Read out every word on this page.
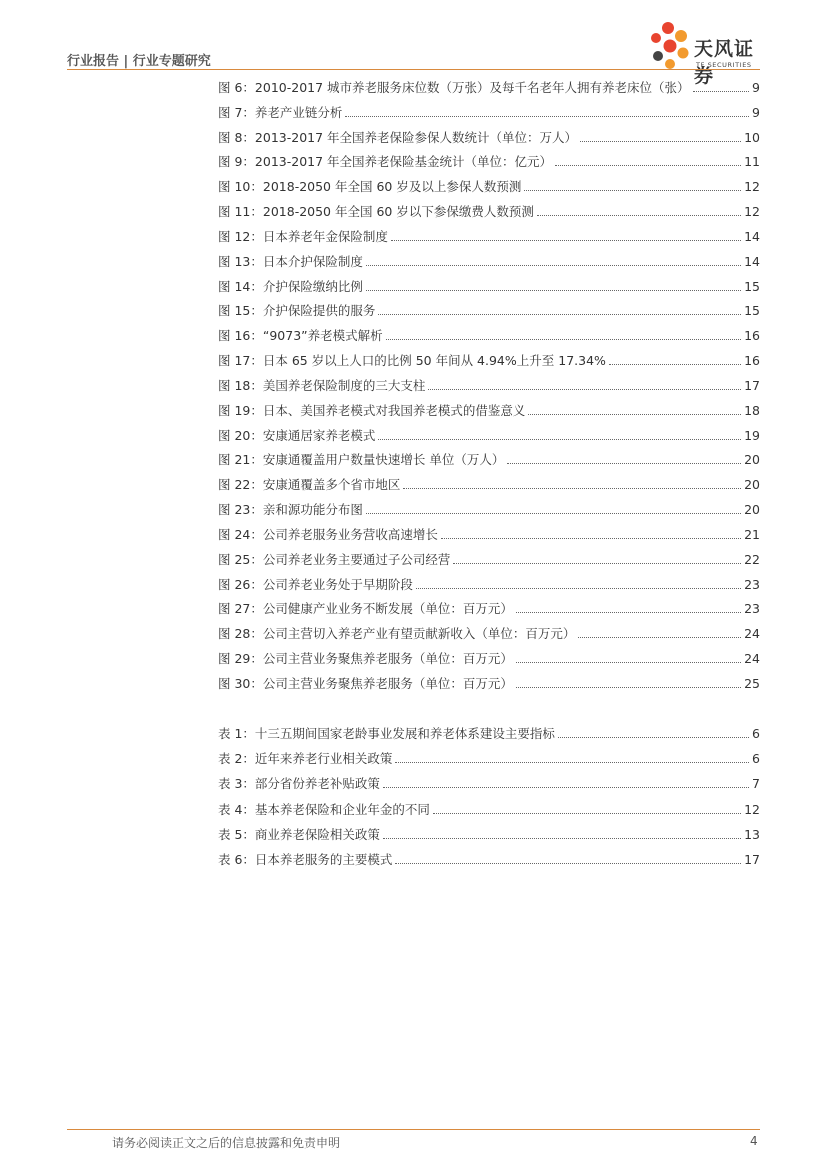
行业报告 | 行业专题研究
天风证券
TF SECURITIES
图 6：2010-2017 城市养老服务床位数（万张）及每千名老年人拥有养老床位（张）	9
图 7：养老产业链分析	9
图 8：2013-2017 年全国养老保险参保人数统计（单位：万人）	10
图 9：2013-2017 年全国养老保险基金统计（单位：亿元）	11
图 10：2018-2050 年全国 60 岁及以上参保人数预测	12
图 11：2018-2050 年全国 60 岁以下参保缴费人数预测	12
图 12：日本养老年金保险制度	14
图 13：日本介护保险制度	14
图 14：介护保险缴纳比例	15
图 15：介护保险提供的服务	15
图 16：“9073”养老模式解析	16
图 17：日本 65 岁以上人口的比例 50 年间从 4.94%上升至 17.34%	16
图 18：美国养老保险制度的三大支柱	17
图 19：日本、美国养老模式对我国养老模式的借鉴意义	18
图 20：安康通居家养老模式	19
图 21：安康通覆盖用户数量快速增长 单位（万人）	20
图 22：安康通覆盖多个省市地区	20
图 23：亲和源功能分布图	20
图 24：公司养老服务业务营收高速增长	21
图 25：公司养老业务主要通过子公司经营	22
图 26：公司养老业务处于早期阶段	23
图 27：公司健康产业业务不断发展（单位：百万元）	23
图 28：公司主营切入养老产业有望贡献新收入（单位：百万元）	24
图 29：公司主营业务聚焦养老服务（单位：百万元）	24
图 30：公司主营业务聚焦养老服务（单位：百万元）	25
表 1：十三五期间国家老龄事业发展和养老体系建设主要指标	6
表 2：近年来养老行业相关政策	6
表 3：部分省份养老补贴政策	7
表 4：基本养老保险和企业年金的不同	12
表 5：商业养老保险相关政策	13
表 6：日本养老服务的主要模式	17
请务必阅读正文之后的信息披露和免责申明	4
